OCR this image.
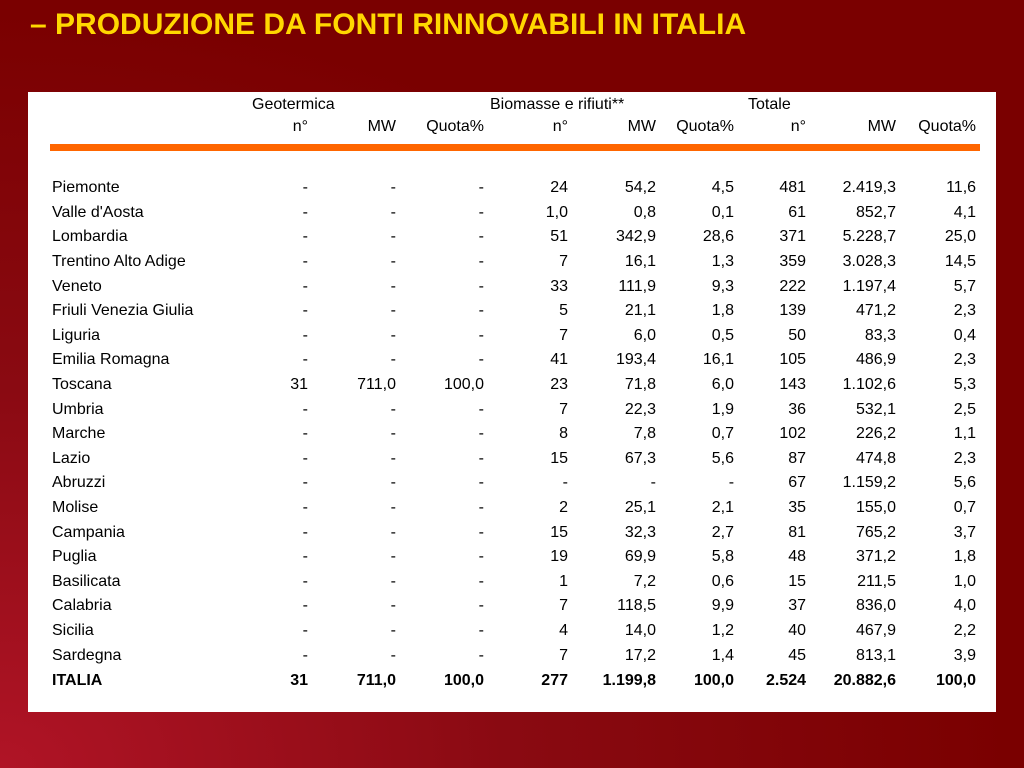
– PRODUZIONE DA FONTI RINNOVABILI IN ITALIA
	Geotermica			Biomasse e rifiuti**			Totale		
	n°	MW	Quota%	n°	MW	Quota%	n°	MW	Quota%

Piemonte	-	-	-	24	54,2	4,5	481	2.419,3	11,6
Valle d'Aosta	-	-	-	1,0	0,8	0,1	61	852,7	4,1
Lombardia	-	-	-	51	342,9	28,6	371	5.228,7	25,0
Trentino Alto Adige	-	-	-	7	16,1	1,3	359	3.028,3	14,5
Veneto	-	-	-	33	111,9	9,3	222	1.197,4	5,7
Friuli Venezia Giulia	-	-	-	5	21,1	1,8	139	471,2	2,3
Liguria	-	-	-	7	6,0	0,5	50	83,3	0,4
Emilia Romagna	-	-	-	41	193,4	16,1	105	486,9	2,3
Toscana	31	711,0	100,0	23	71,8	6,0	143	1.102,6	5,3
Umbria	-	-	-	7	22,3	1,9	36	532,1	2,5
Marche	-	-	-	8	7,8	0,7	102	226,2	1,1
Lazio	-	-	-	15	67,3	5,6	87	474,8	2,3
Abruzzi	-	-	-	-	-	-	67	1.159,2	5,6
Molise	-	-	-	2	25,1	2,1	35	155,0	0,7
Campania	-	-	-	15	32,3	2,7	81	765,2	3,7
Puglia	-	-	-	19	69,9	5,8	48	371,2	1,8
Basilicata	-	-	-	1	7,2	0,6	15	211,5	1,0
Calabria	-	-	-	7	118,5	9,9	37	836,0	4,0
Sicilia	-	-	-	4	14,0	1,2	40	467,9	2,2
Sardegna	-	-	-	7	17,2	1,4	45	813,1	3,9
ITALIA	31	711,0	100,0	277	1.199,8	100,0	2.524	20.882,6	100,0
